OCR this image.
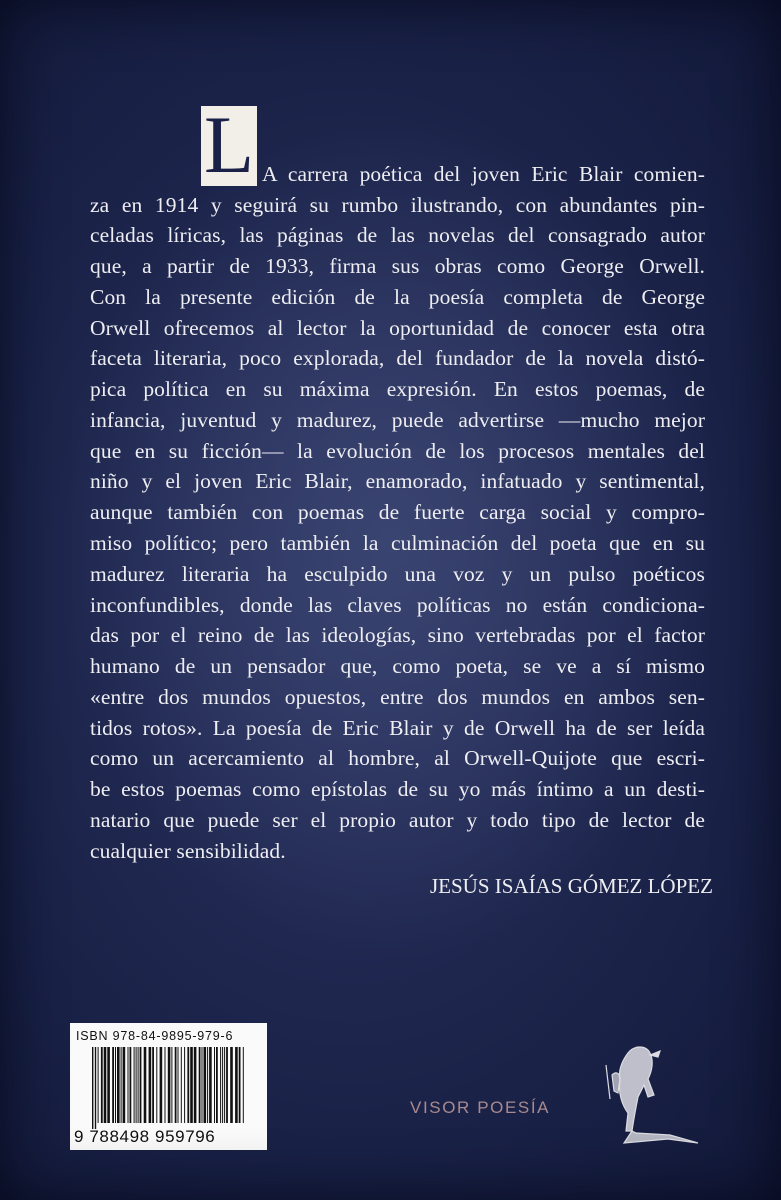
L A carrera poética del joven Eric Blair comien-
za en 1914 y seguirá su rumbo ilustrando, con abundantes pin-
celadas líricas, las páginas de las novelas del consagrado autor
que, a partir de 1933, firma sus obras como George Orwell.
Con la presente edición de la poesía completa de George
Orwell ofrecemos al lector la oportunidad de conocer esta otra
faceta literaria, poco explorada, del fundador de la novela distó-
pica política en su máxima expresión. En estos poemas, de
infancia, juventud y madurez, puede advertirse —mucho mejor
que en su ficción— la evolución de los procesos mentales del
niño y el joven Eric Blair, enamorado, infatuado y sentimental,
aunque también con poemas de fuerte carga social y compro-
miso político; pero también la culminación del poeta que en su
madurez literaria ha esculpido una voz y un pulso poéticos
inconfundibles, donde las claves políticas no están condiciona-
das por el reino de las ideologías, sino vertebradas por el factor
humano de un pensador que, como poeta, se ve a sí mismo
«entre dos mundos opuestos, entre dos mundos en ambos sen-
tidos rotos». La poesía de Eric Blair y de Orwell ha de ser leída
como un acercamiento al hombre, al Orwell-Quijote que escri-
be estos poemas como epístolas de su yo más íntimo a un desti-
natario que puede ser el propio autor y todo tipo de lector de
cualquier sensibilidad.
JESÚS ISAÍAS GÓMEZ LÓPEZ
ISBN 978-84-9895-979-6
9 788498 959796
VISOR POESÍA
